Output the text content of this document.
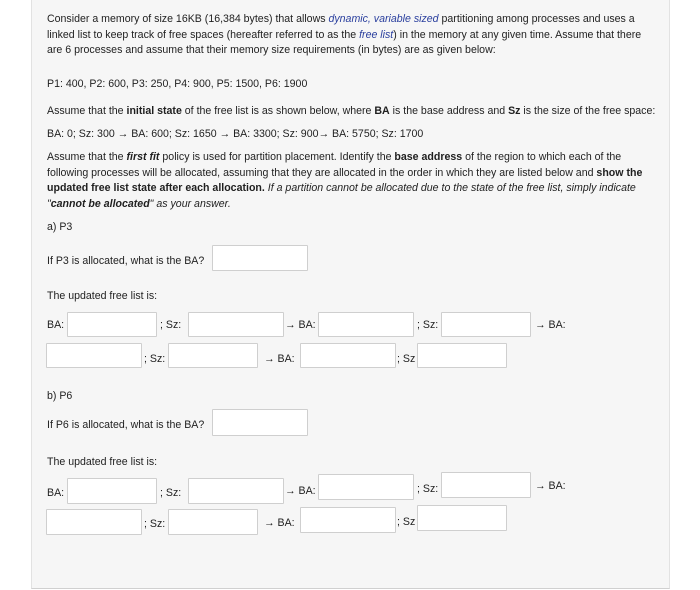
Consider a memory of size 16KB (16,384 bytes) that allows dynamic, variable sized partitioning among processes and uses a linked list to keep track of free spaces (hereafter referred to as the free list) in the memory at any given time. Assume that there are 6 processes and assume that their memory size requirements (in bytes) are as given below:
P1: 400, P2: 600, P3: 250, P4: 900, P5: 1500, P6: 1900
Assume that the initial state of the free list is as shown below, where BA is the base address and Sz is the size of the free space:
BA: 0; Sz: 300 → BA: 600; Sz: 1650 → BA: 3300; Sz: 900→ BA: 5750; Sz: 1700
Assume that the first fit policy is used for partition placement. Identify the base address of the region to which each of the following processes will be allocated, assuming that they are allocated in the order in which they are listed below and show the updated free list state after each allocation. If a partition cannot be allocated due to the state of the free list, simply indicate "cannot be allocated" as your answer.
a) P3
If P3 is allocated, what is the BA?
The updated free list is:
BA:	; Sz:	→ BA:	; Sz:	→ BA:
; Sz:	→ BA:	; Sz
b) P6
If P6 is allocated, what is the BA?
The updated free list is:
BA:	; Sz:	→ BA:	; Sz:	→ BA:
; Sz:	→ BA:	; Sz
